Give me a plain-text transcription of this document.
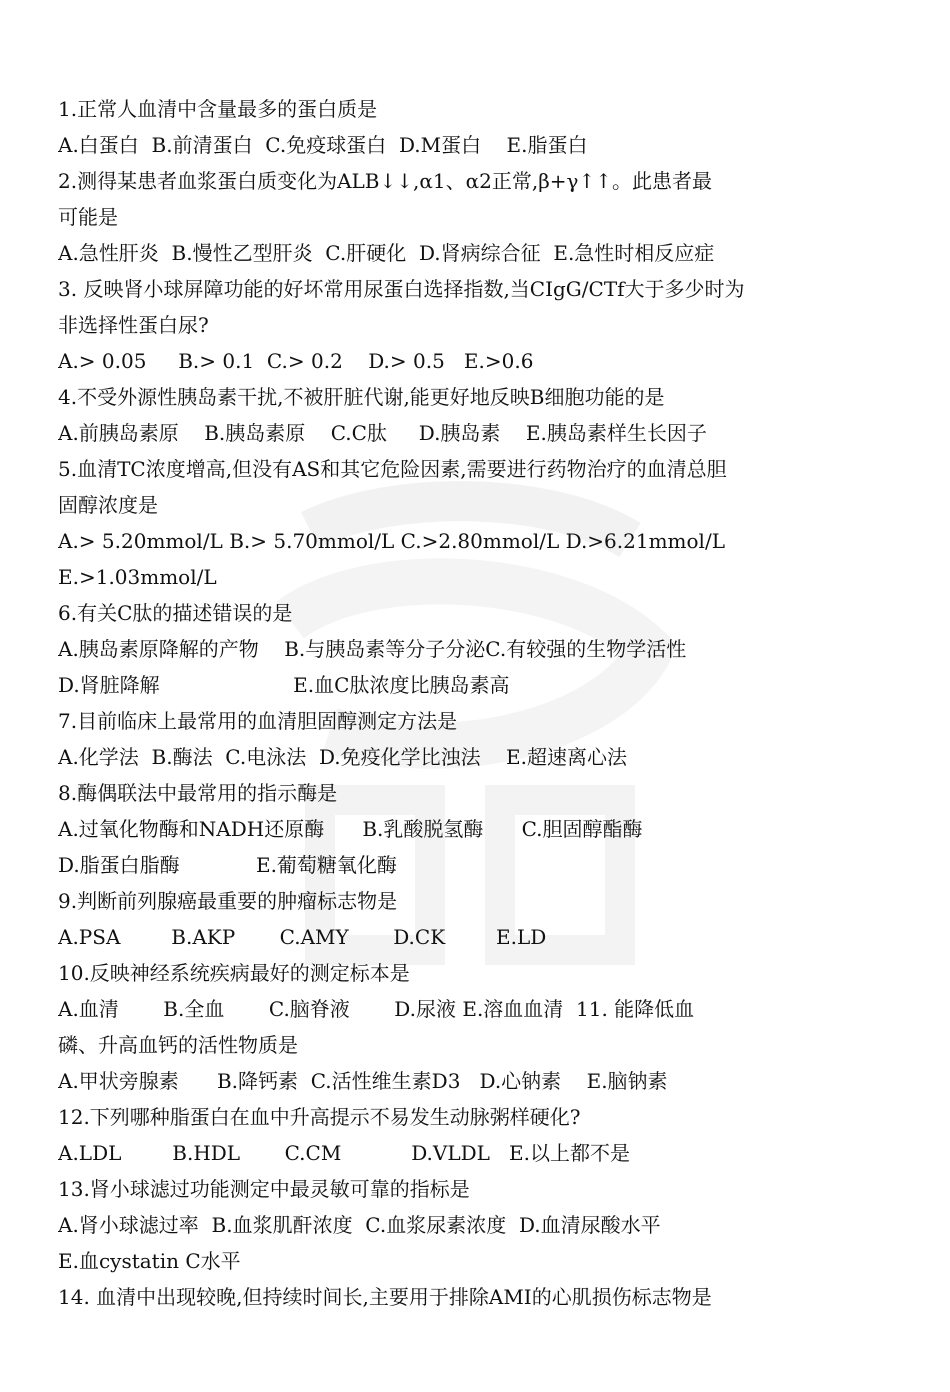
1.正常人血清中含量最多的蛋白质是
A.白蛋白  B.前清蛋白  C.免疫球蛋白  D.M蛋白    E.脂蛋白
2.测得某患者血浆蛋白质变化为ALB↓↓,α1、α2正常,β+γ↑↑。此患者最
可能是
A.急性肝炎  B.慢性乙型肝炎  C.肝硬化  D.肾病综合征  E.急性时相反应症
3. 反映肾小球屏障功能的好坏常用尿蛋白选择指数,当CIgG/CTf大于多少时为
非选择性蛋白尿?
A.> 0.05     B.> 0.1  C.> 0.2    D.> 0.5   E.>0.6
4.不受外源性胰岛素干扰,不被肝脏代谢,能更好地反映B细胞功能的是
A.前胰岛素原    B.胰岛素原    C.C肽     D.胰岛素    E.胰岛素样生长因子
5.血清TC浓度增高,但没有AS和其它危险因素,需要进行药物治疗的血清总胆
固醇浓度是
A.> 5.20mmol/L B.> 5.70mmol/L C.>2.80mmol/L D.>6.21mmol/L
E.>1.03mmol/L
6.有关C肽的描述错误的是
A.胰岛素原降解的产物    B.与胰岛素等分子分泌C.有较强的生物学活性
D.肾脏降解                     E.血C肽浓度比胰岛素高
7.目前临床上最常用的血清胆固醇测定方法是
A.化学法  B.酶法  C.电泳法  D.免疫化学比浊法    E.超速离心法
8.酶偶联法中最常用的指示酶是
A.过氧化物酶和NADH还原酶      B.乳酸脱氢酶      C.胆固醇酯酶
D.脂蛋白脂酶            E.葡萄糖氧化酶
9.判断前列腺癌最重要的肿瘤标志物是
A.PSA        B.AKP       C.AMY       D.CK        E.LD
10.反映神经系统疾病最好的测定标本是
A.血清       B.全血       C.脑脊液       D.尿液 E.溶血血清  11. 能降低血
磷、升高血钙的活性物质是
A.甲状旁腺素      B.降钙素  C.活性维生素D3   D.心钠素    E.脑钠素
12.下列哪种脂蛋白在血中升高提示不易发生动脉粥样硬化?
A.LDL        B.HDL       C.CM           D.VLDL   E.以上都不是
13.肾小球滤过功能测定中最灵敏可靠的指标是
A.肾小球滤过率  B.血浆肌酐浓度  C.血浆尿素浓度  D.血清尿酸水平
E.血cystatin C水平
14. 血清中出现较晚,但持续时间长,主要用于排除AMI的心肌损伤标志物是
